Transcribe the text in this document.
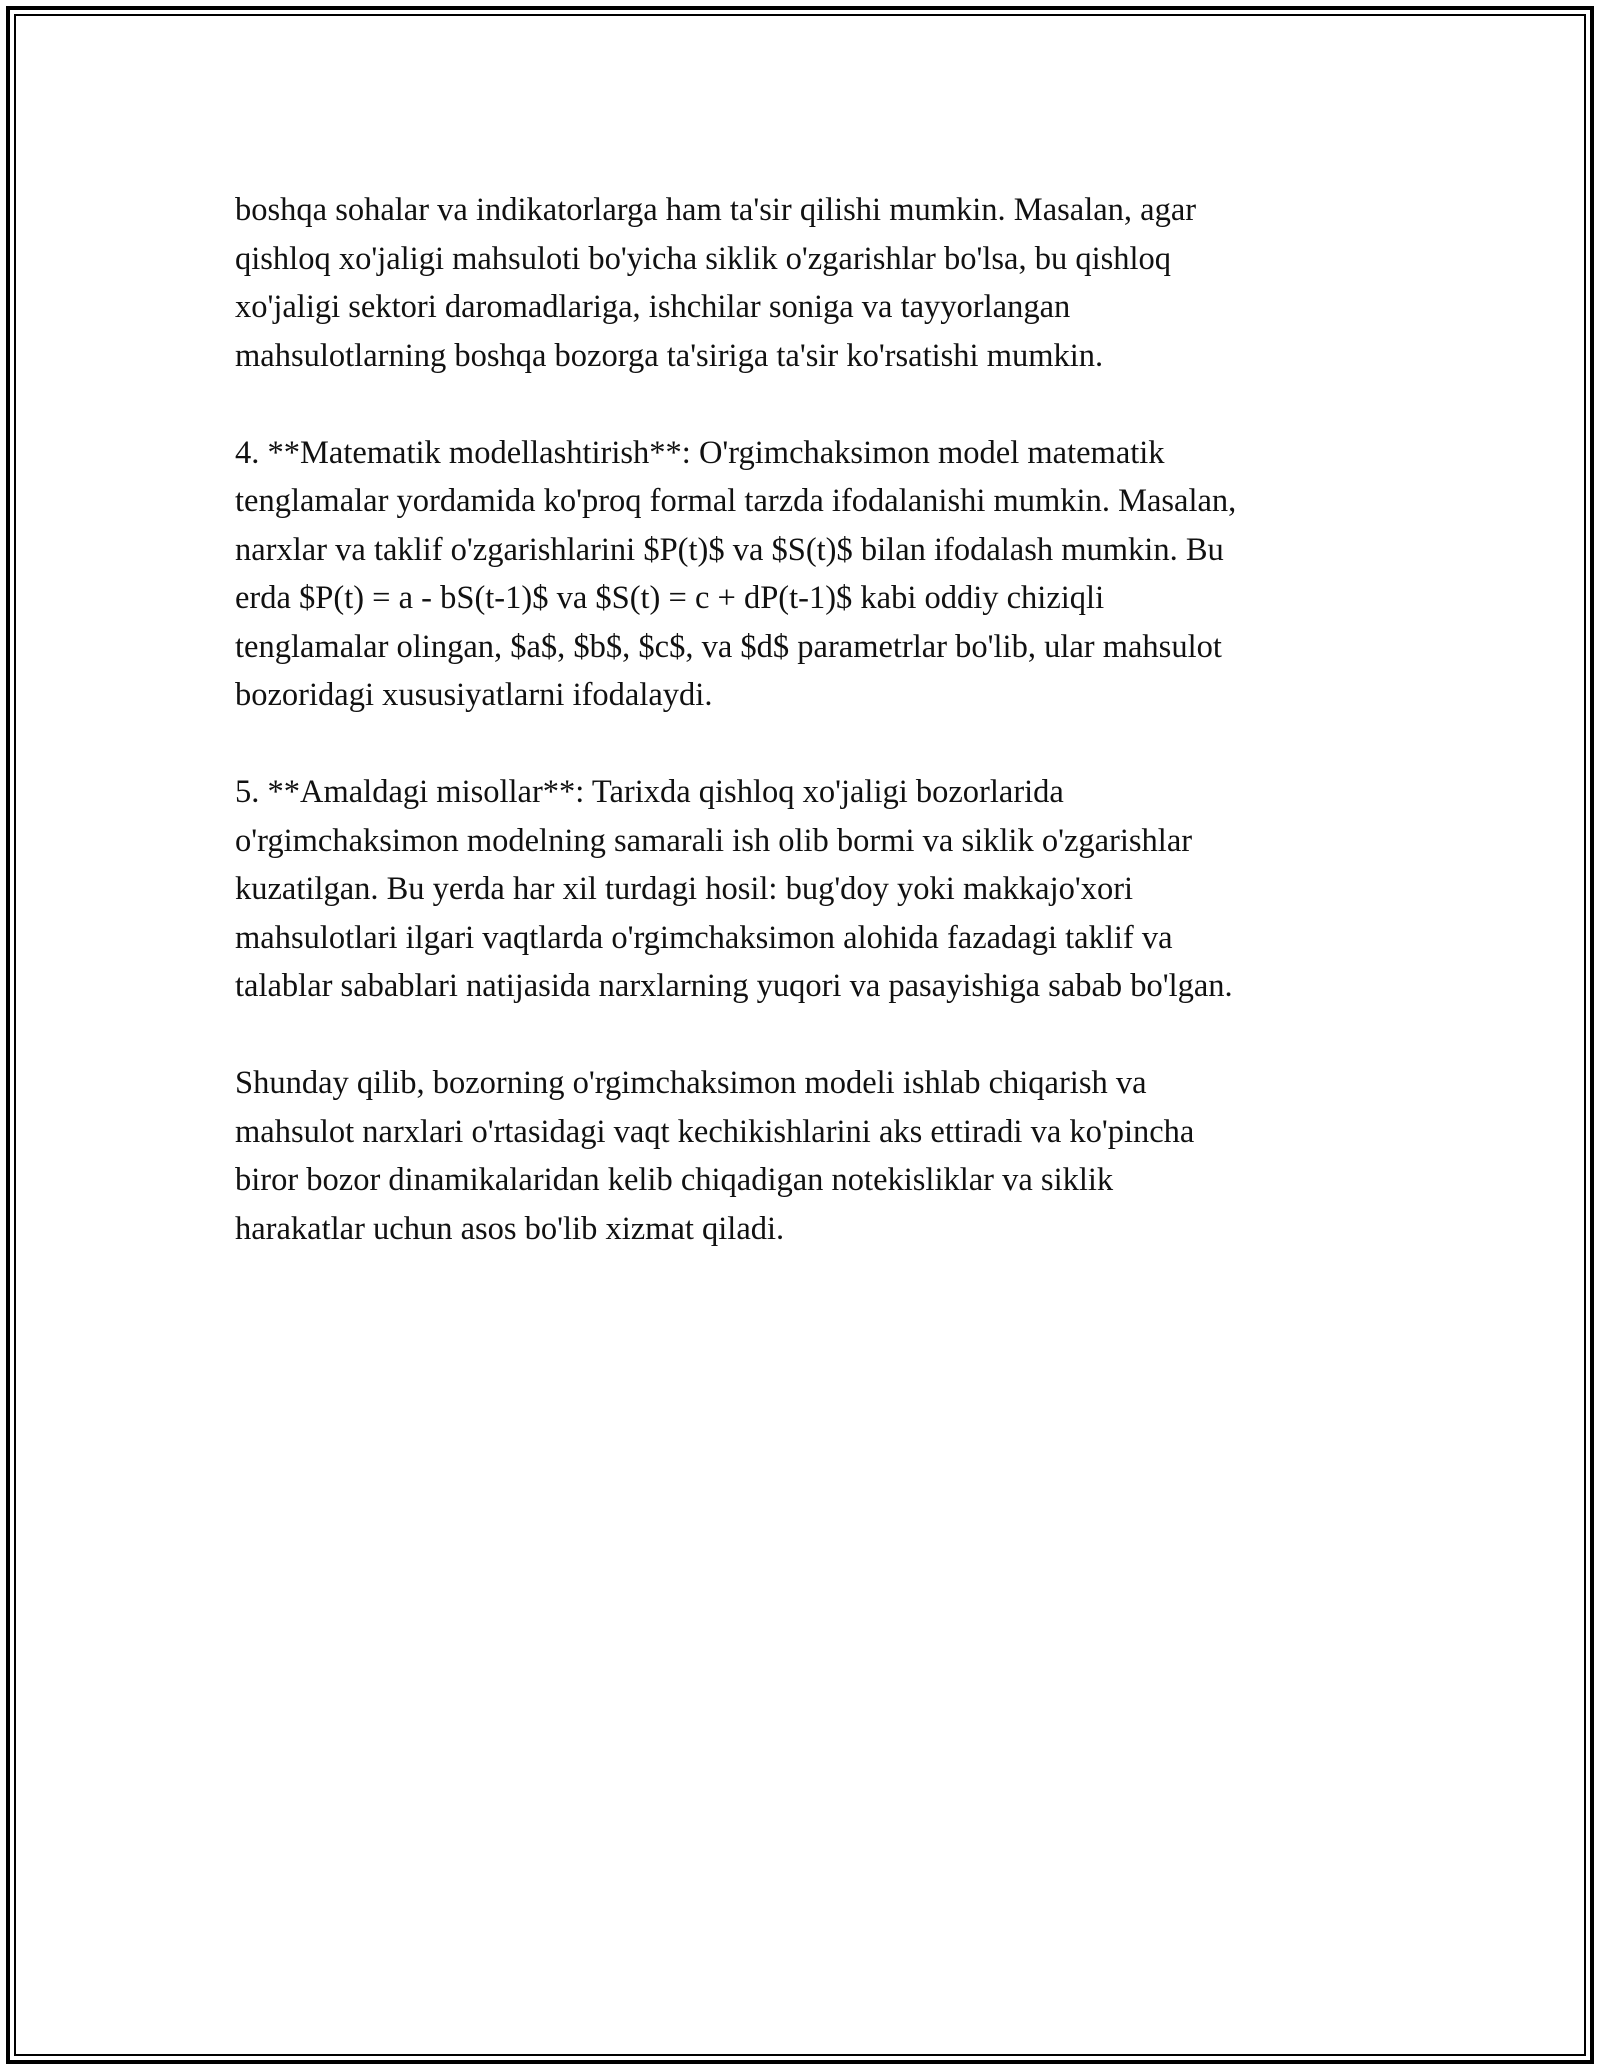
boshqa sohalar va indikatorlarga ham ta'sir qilishi mumkin. Masalan, agar
qishloq xo'jaligi mahsuloti bo'yicha siklik o'zgarishlar bo'lsa, bu qishloq
xo'jaligi sektori daromadlariga, ishchilar soniga va tayyorlangan
mahsulotlarning boshqa bozorga ta'siriga ta'sir ko'rsatishi mumkin.

4. **Matematik modellashtirish**: O'rgimchaksimon model matematik
tenglamalar yordamida ko'proq formal tarzda ifodalanishi mumkin. Masalan,
narxlar va taklif o'zgarishlarini $P(t)$ va $S(t)$ bilan ifodalash mumkin. Bu
erda $P(t) = a - bS(t-1)$ va $S(t) = c + dP(t-1)$ kabi oddiy chiziqli
tenglamalar olingan, $a$, $b$, $c$, va $d$ parametrlar bo'lib, ular mahsulot
bozoridagi xususiyatlarni ifodalaydi.

5. **Amaldagi misollar**: Tarixda qishloq xo'jaligi bozorlarida
o'rgimchaksimon modelning samarali ish olib bormi va siklik o'zgarishlar
kuzatilgan. Bu yerda har xil turdagi hosil: bug'doy yoki makkajo'xori
mahsulotlari ilgari vaqtlarda o'rgimchaksimon alohida fazadagi taklif va
talablar sabablari natijasida narxlarning yuqori va pasayishiga sabab bo'lgan.

Shunday qilib, bozorning o'rgimchaksimon modeli ishlab chiqarish va
mahsulot narxlari o'rtasidagi vaqt kechikishlarini aks ettiradi va ko'pincha
biror bozor dinamikalaridan kelib chiqadigan notekisliklar va siklik
harakatlar uchun asos bo'lib xizmat qiladi.
